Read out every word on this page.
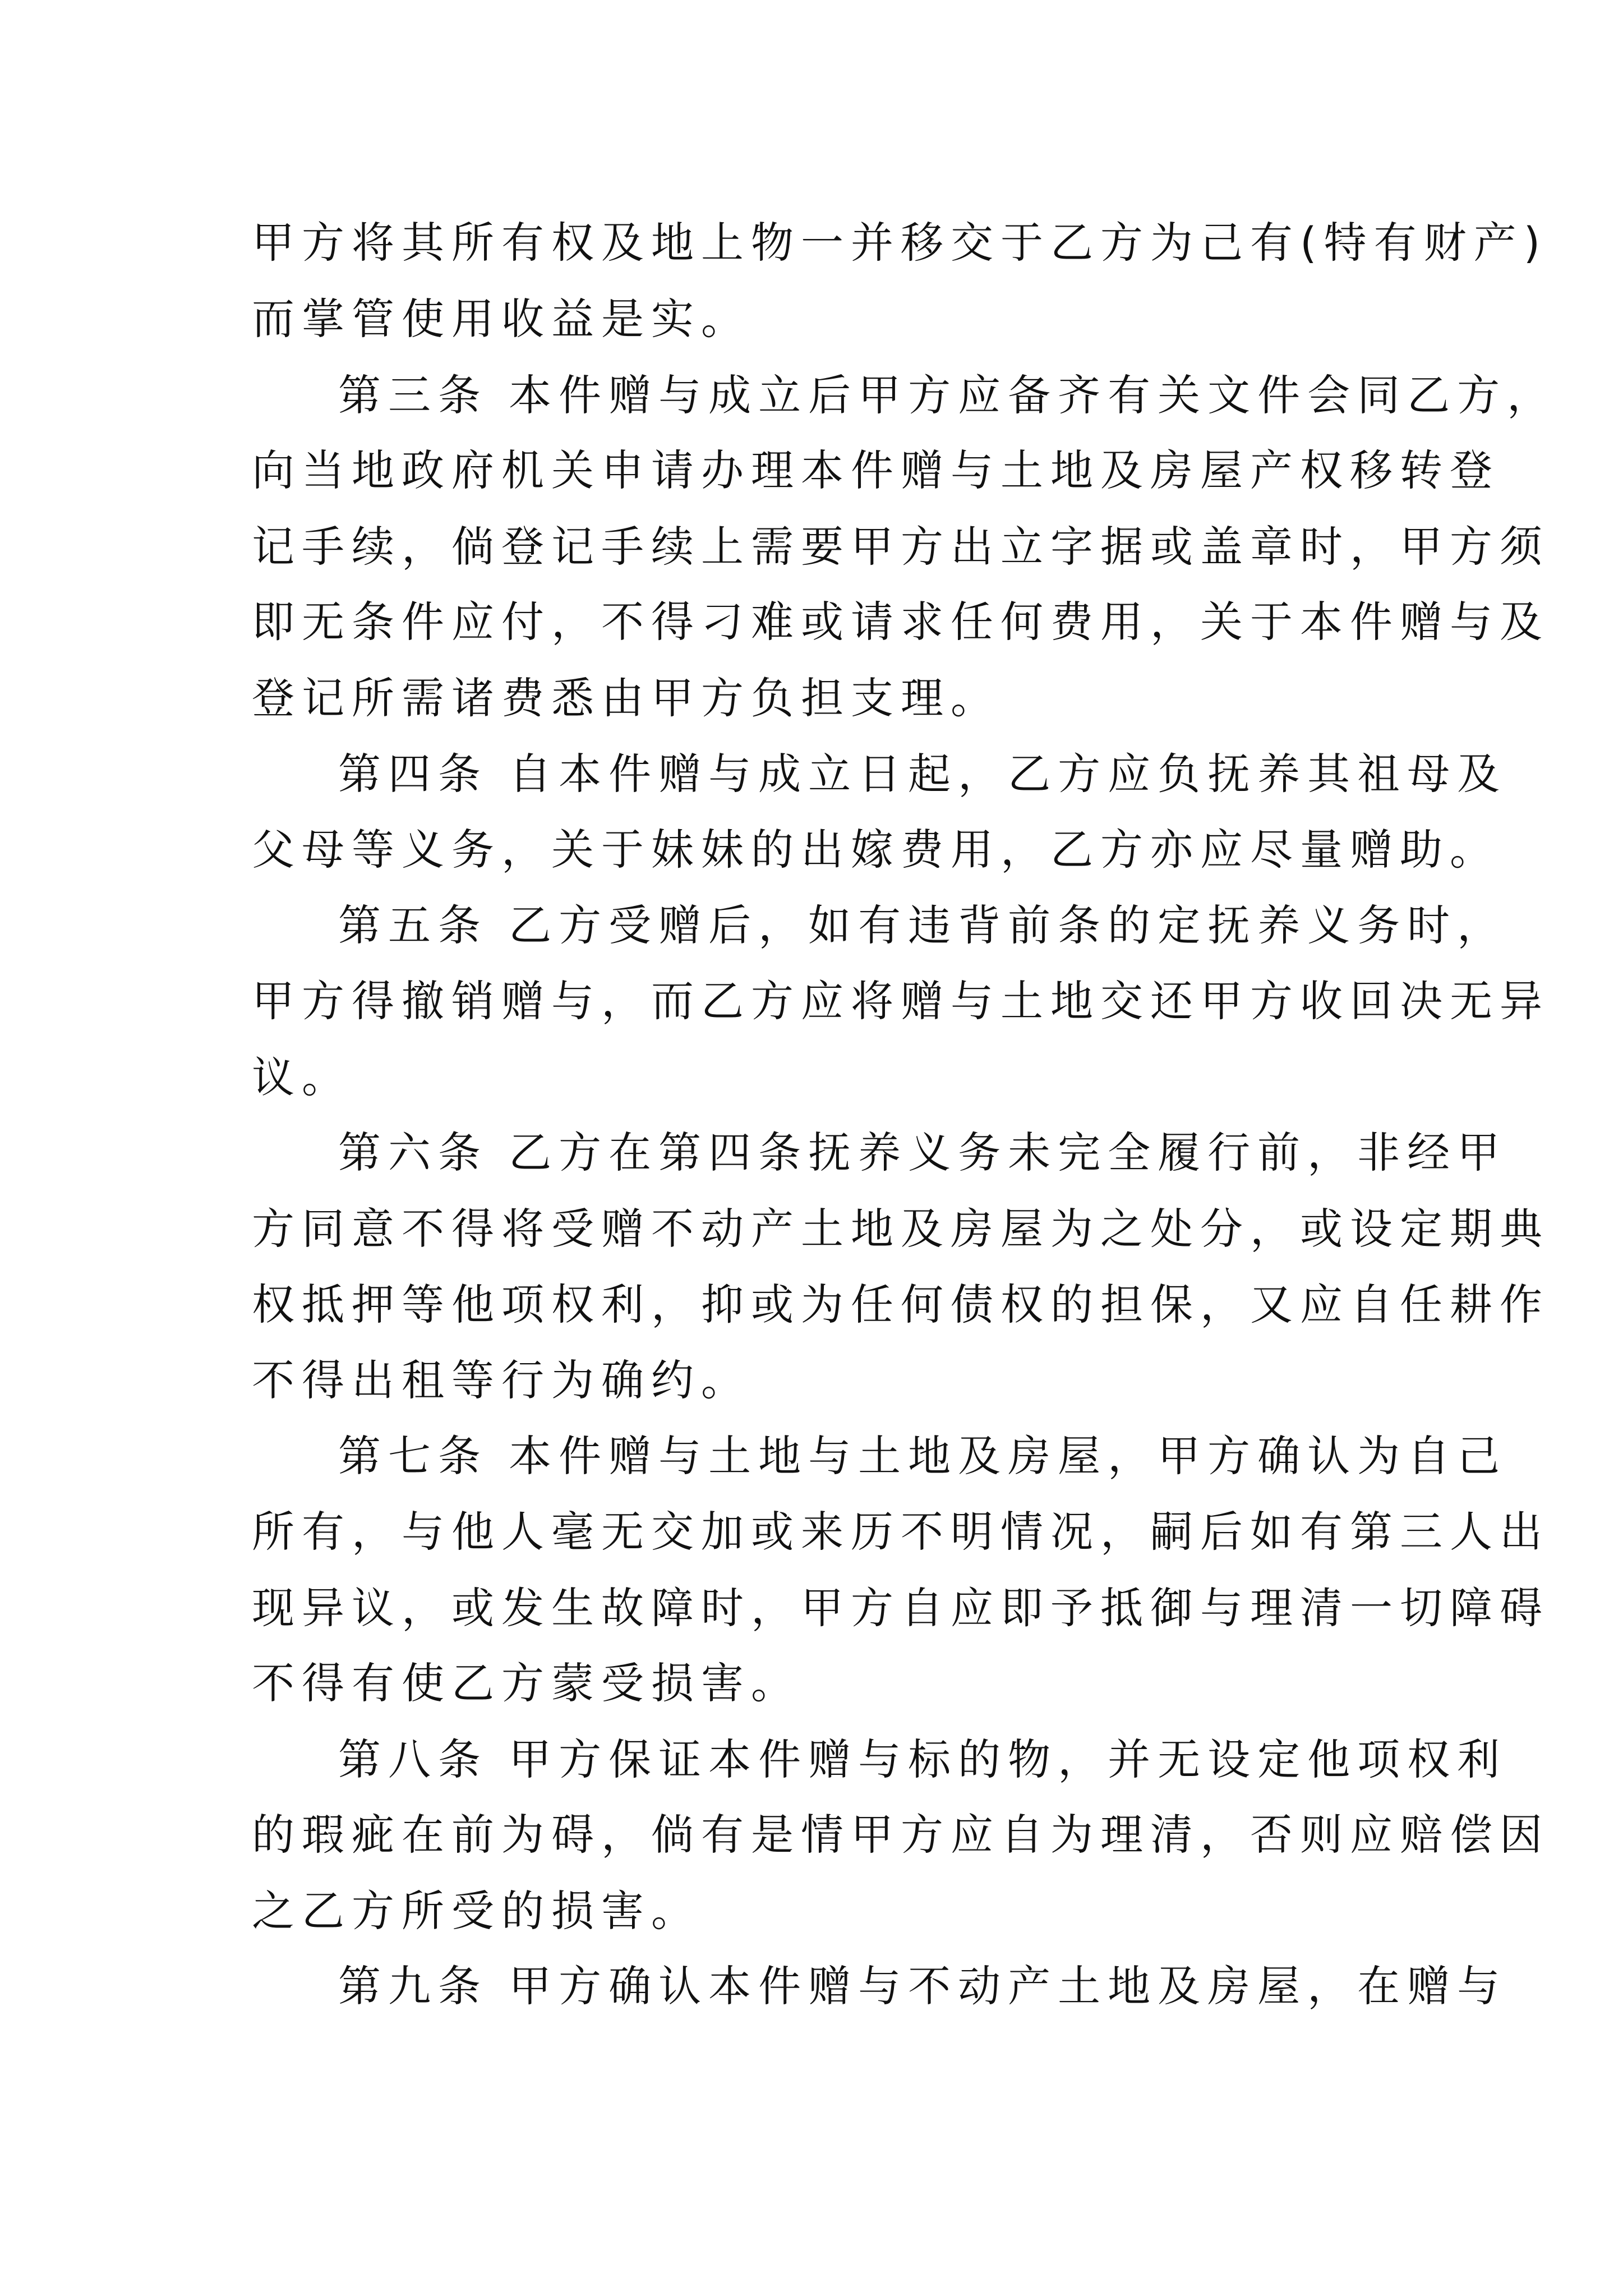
甲方将其所有权及地上物一并移交于乙方为己有(特有财产)

而掌管使用收益是实。

第三条 本件赠与成立后甲方应备齐有关文件会同乙方，

向当地政府机关申请办理本件赠与土地及房屋产权移转登

记手续，倘登记手续上需要甲方出立字据或盖章时，甲方须

即无条件应付，不得刁难或请求任何费用，关于本件赠与及

登记所需诸费悉由甲方负担支理。

第四条 自本件赠与成立日起，乙方应负抚养其祖母及

父母等义务，关于妹妹的出嫁费用，乙方亦应尽量赠助。

第五条 乙方受赠后，如有违背前条的定抚养义务时，

甲方得撤销赠与，而乙方应将赠与土地交还甲方收回决无异

议。

第六条 乙方在第四条抚养义务未完全履行前，非经甲

方同意不得将受赠不动产土地及房屋为之处分，或设定期典

权抵押等他项权利，抑或为任何债权的担保，又应自任耕作

不得出租等行为确约。

第七条 本件赠与土地与土地及房屋，甲方确认为自己

所有，与他人毫无交加或来历不明情况，嗣后如有第三人出

现异议，或发生故障时，甲方自应即予抵御与理清一切障碍

不得有使乙方蒙受损害。

第八条 甲方保证本件赠与标的物，并无设定他项权利

的瑕疵在前为碍，倘有是情甲方应自为理清，否则应赔偿因

之乙方所受的损害。

第九条 甲方确认本件赠与不动产土地及房屋，在赠与
